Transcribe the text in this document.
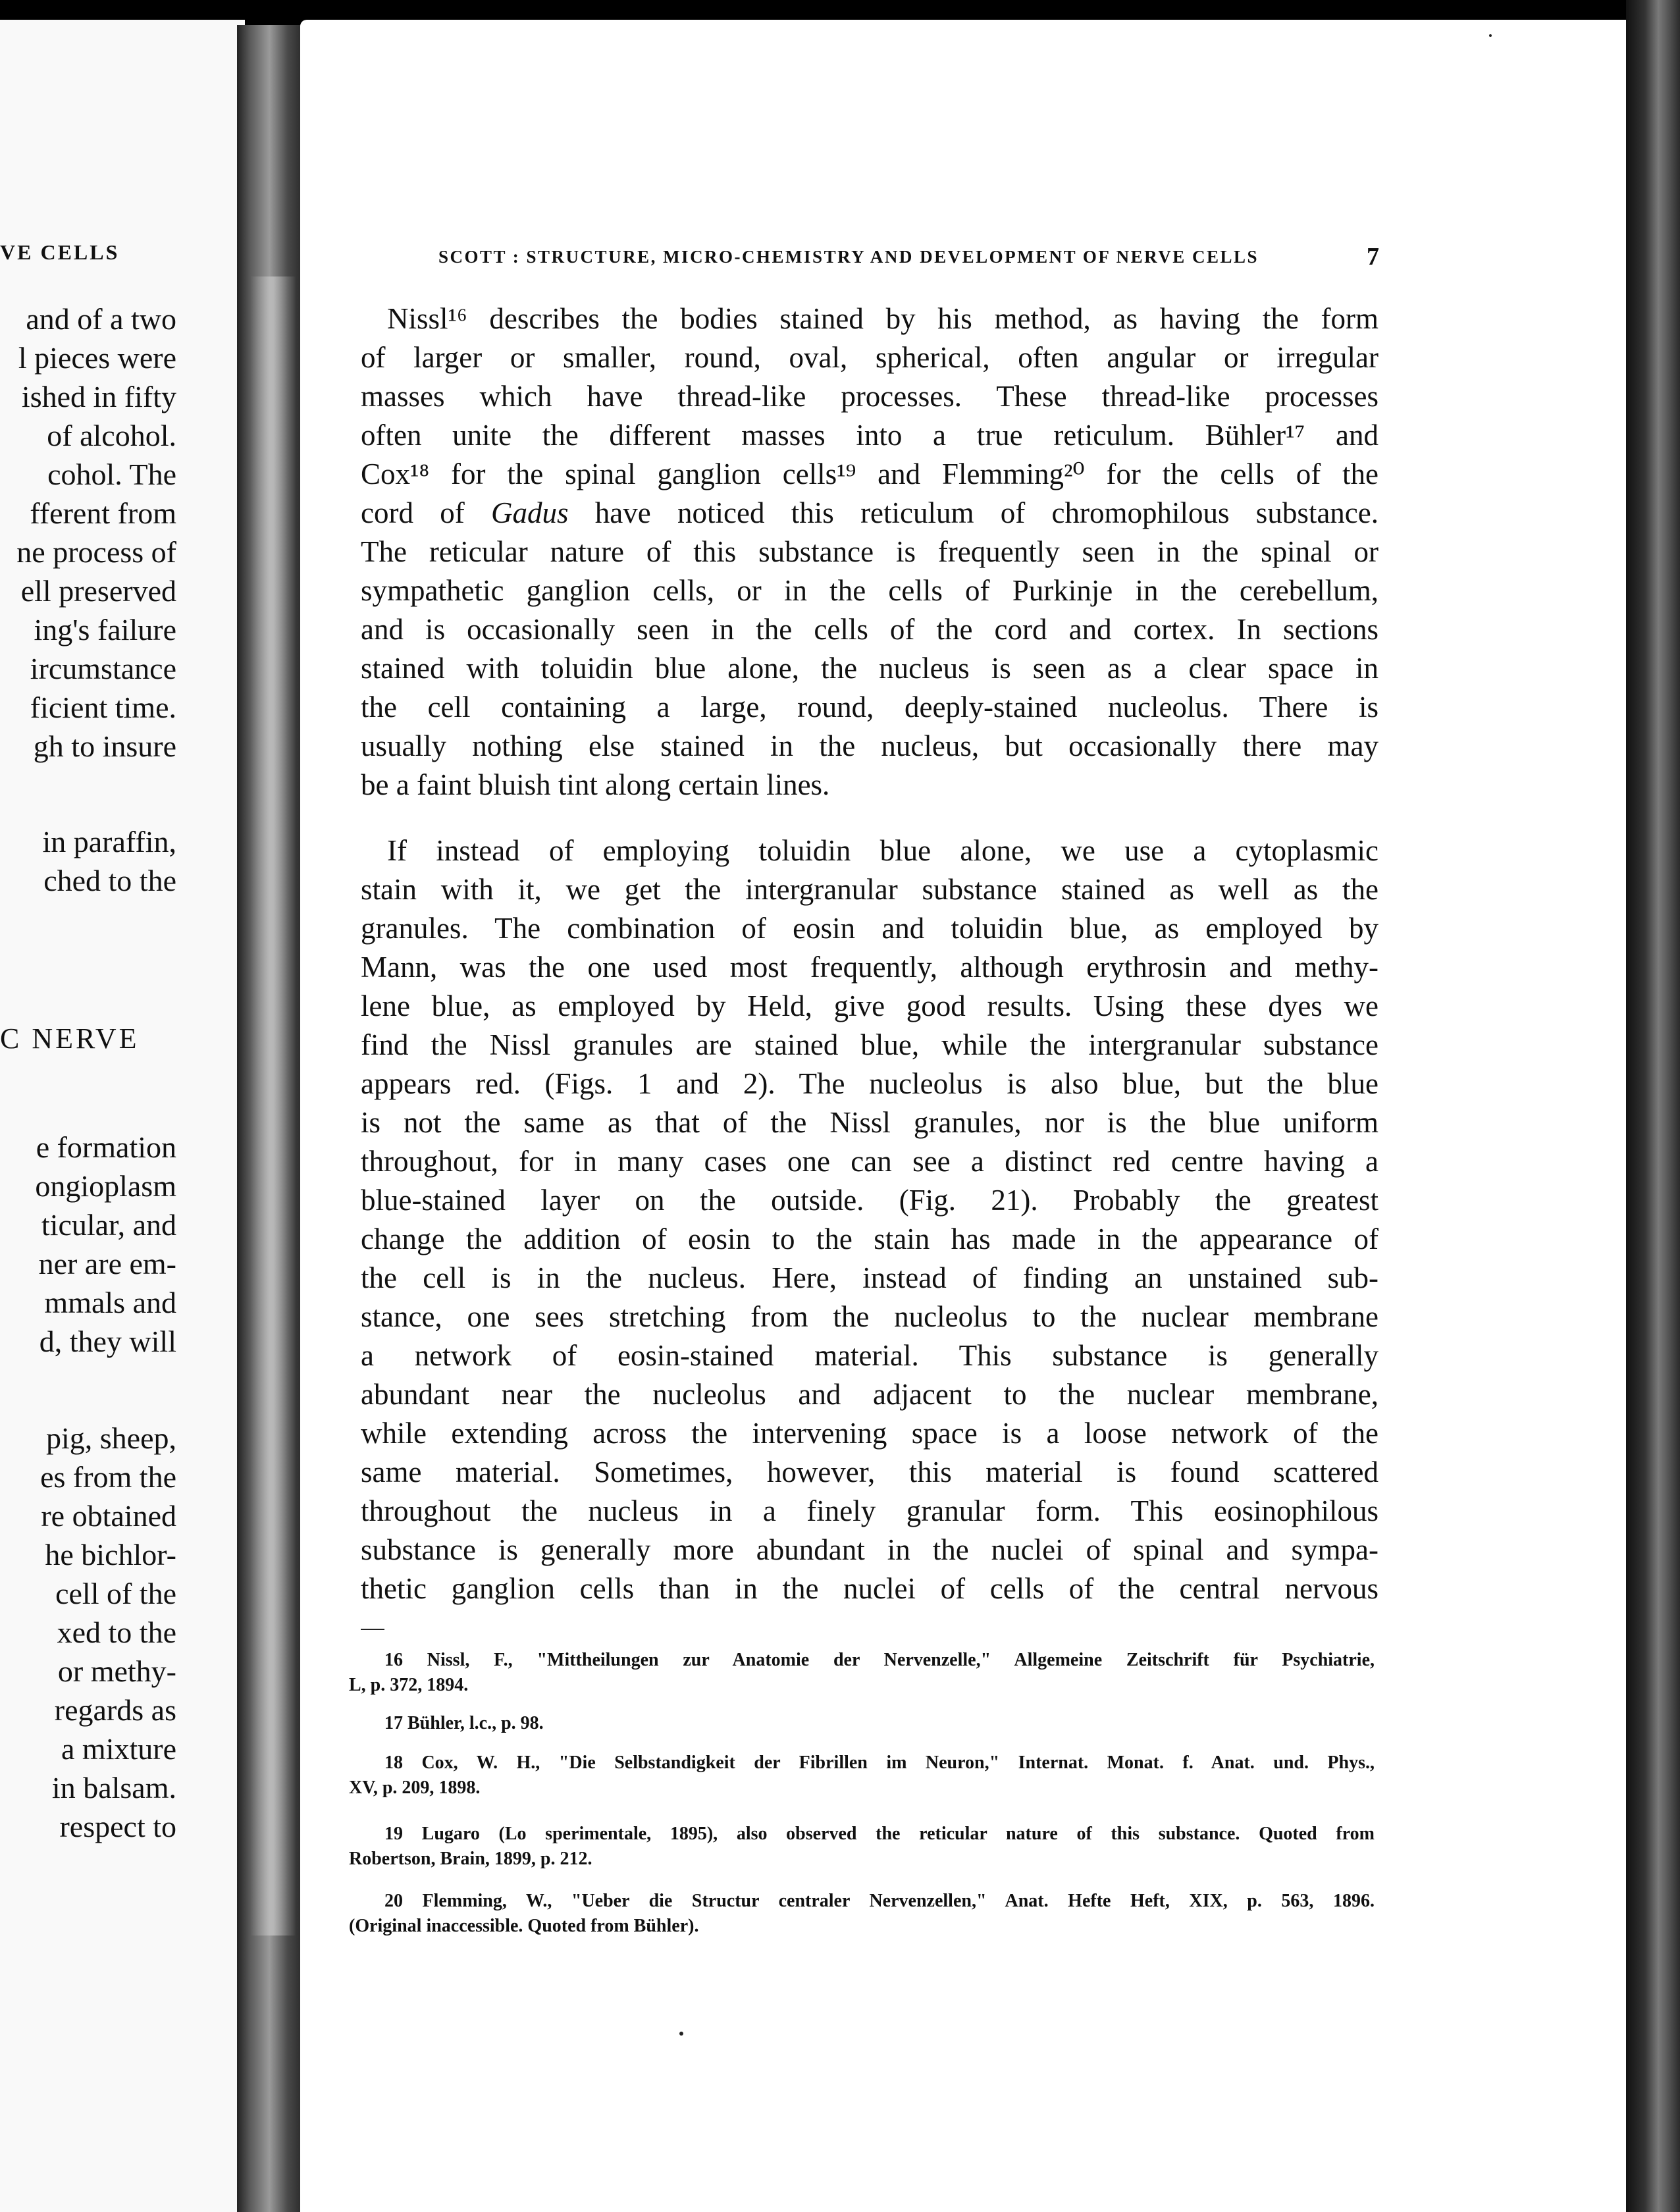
VE CELLS
and of a two
l pieces were
ished in fifty
of alcohol.
cohol. The
fferent from
ne process of
ell preserved
ing's failure
ircumstance
ficient time.
gh to insure
in paraffin,
ched to the
C NERVE
e formation
ongioplasm
ticular, and
ner are em-
mmals and
d, they will
pig, sheep,
es from the
re obtained
he bichlor-
cell of the
xed to the
or methy-
regards as
a mixture
in balsam.
respect to
SCOTT : STRUCTURE, MICRO-CHEMISTRY AND DEVELOPMENT OF NERVE CELLS	7
Nissl¹⁶ describes the bodies stained by his method, as having the form
of larger or smaller, round, oval, spherical, often angular or irregular
masses which have thread-like processes. These thread-like processes
often unite the different masses into a true reticulum. Bühler¹⁷ and
Cox¹⁸ for the spinal ganglion cells¹⁹ and Flemming²⁰ for the cells of the
cord of Gadus have noticed this reticulum of chromophilous substance.
The reticular nature of this substance is frequently seen in the spinal or
sympathetic ganglion cells, or in the cells of Purkinje in the cerebellum,
and is occasionally seen in the cells of the cord and cortex. In sections
stained with toluidin blue alone, the nucleus is seen as a clear space in
the cell containing a large, round, deeply-stained nucleolus. There is
usually nothing else stained in the nucleus, but occasionally there may
be a faint bluish tint along certain lines.
If instead of employing toluidin blue alone, we use a cytoplasmic
stain with it, we get the intergranular substance stained as well as the
granules. The combination of eosin and toluidin blue, as employed by
Mann, was the one used most frequently, although erythrosin and methy-
lene blue, as employed by Held, give good results. Using these dyes we
find the Nissl granules are stained blue, while the intergranular substance
appears red. (Figs. 1 and 2). The nucleolus is also blue, but the blue
is not the same as that of the Nissl granules, nor is the blue uniform
throughout, for in many cases one can see a distinct red centre having a
blue-stained layer on the outside. (Fig. 21). Probably the greatest
change the addition of eosin to the stain has made in the appearance of
the cell is in the nucleus. Here, instead of finding an unstained sub-
stance, one sees stretching from the nucleolus to the nuclear membrane
a network of eosin-stained material. This substance is generally
abundant near the nucleolus and adjacent to the nuclear membrane,
while extending across the intervening space is a loose network of the
same material. Sometimes, however, this material is found scattered
throughout the nucleus in a finely granular form. This eosinophilous
substance is generally more abundant in the nuclei of spinal and sympa-
thetic ganglion cells than in the nuclei of cells of the central nervous
16 Nissl, F., "Mittheilungen zur Anatomie der Nervenzelle," Allgemeine Zeitschrift für Psychiatrie,
L, p. 372, 1894.
17 Bühler, l.c., p. 98.
18 Cox, W. H., "Die Selbstandigkeit der Fibrillen im Neuron," Internat. Monat. f. Anat. und. Phys.,
XV, p. 209, 1898.
19 Lugaro (Lo sperimentale, 1895), also observed the reticular nature of this substance. Quoted from
Robertson, Brain, 1899, p. 212.
20 Flemming, W., "Ueber die Structur centraler Nervenzellen," Anat. Hefte Heft, XIX, p. 563, 1896.
(Original inaccessible. Quoted from Bühler).
